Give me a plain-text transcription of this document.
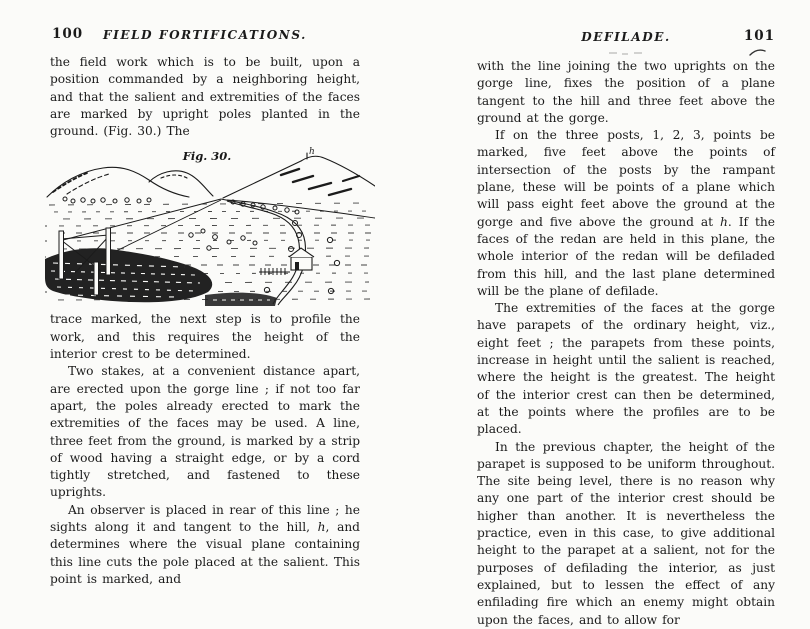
100	FIELD FORTIFICATIONS.

the field work which is to be built, upon a position commanded by a neighboring height, and that the salient and extremities of the faces are marked by upright poles planted in the ground. (Fig. 30.) The

Fig. 30.	h

trace marked, the next step is to profile the work, and this requires the height of the interior crest to be determined.

Two stakes, at a convenient distance apart, are erected upon the gorge line ; if not too far apart, the poles already erected to mark the extremities of the faces may be used. A line, three feet from the ground, is marked by a strip of wood having a straight edge, or by a cord tightly stretched, and fastened to these uprights.

An observer is placed in rear of this line ; he sights along it and tangent to the hill, h, and determines where the visual plane containing this line cuts the pole placed at the salient. This point is marked, and

DEFILADE.	101

with the line joining the two uprights on the gorge line, fixes the position of a plane tangent to the hill and three feet above the ground at the gorge.

If on the three posts, 1, 2, 3, points be marked, five feet above the points of intersection of the posts by the rampant plane, these will be points of a plane which will pass eight feet above the ground at the gorge and five above the ground at h. If the faces of the redan are held in this plane, the whole interior of the redan will be defiladed from this hill, and the last plane determined will be the plane of defilade.

The extremities of the faces at the gorge have parapets of the ordinary height, viz., eight feet ; the parapets from these points, increase in height until the salient is reached, where the height is the greatest. The height of the interior crest can then be determined, at the points where the profiles are to be placed.

In the previous chapter, the height of the parapet is supposed to be uniform throughout. The site being level, there is no reason why any one part of the interior crest should be higher than another. It is nevertheless the practice, even in this case, to give additional height to the parapet at a salient, not for the purposes of defilading the interior, as just explained, but to lessen the effect of any enfilading fire which an enemy might obtain upon the faces, and to allow for
